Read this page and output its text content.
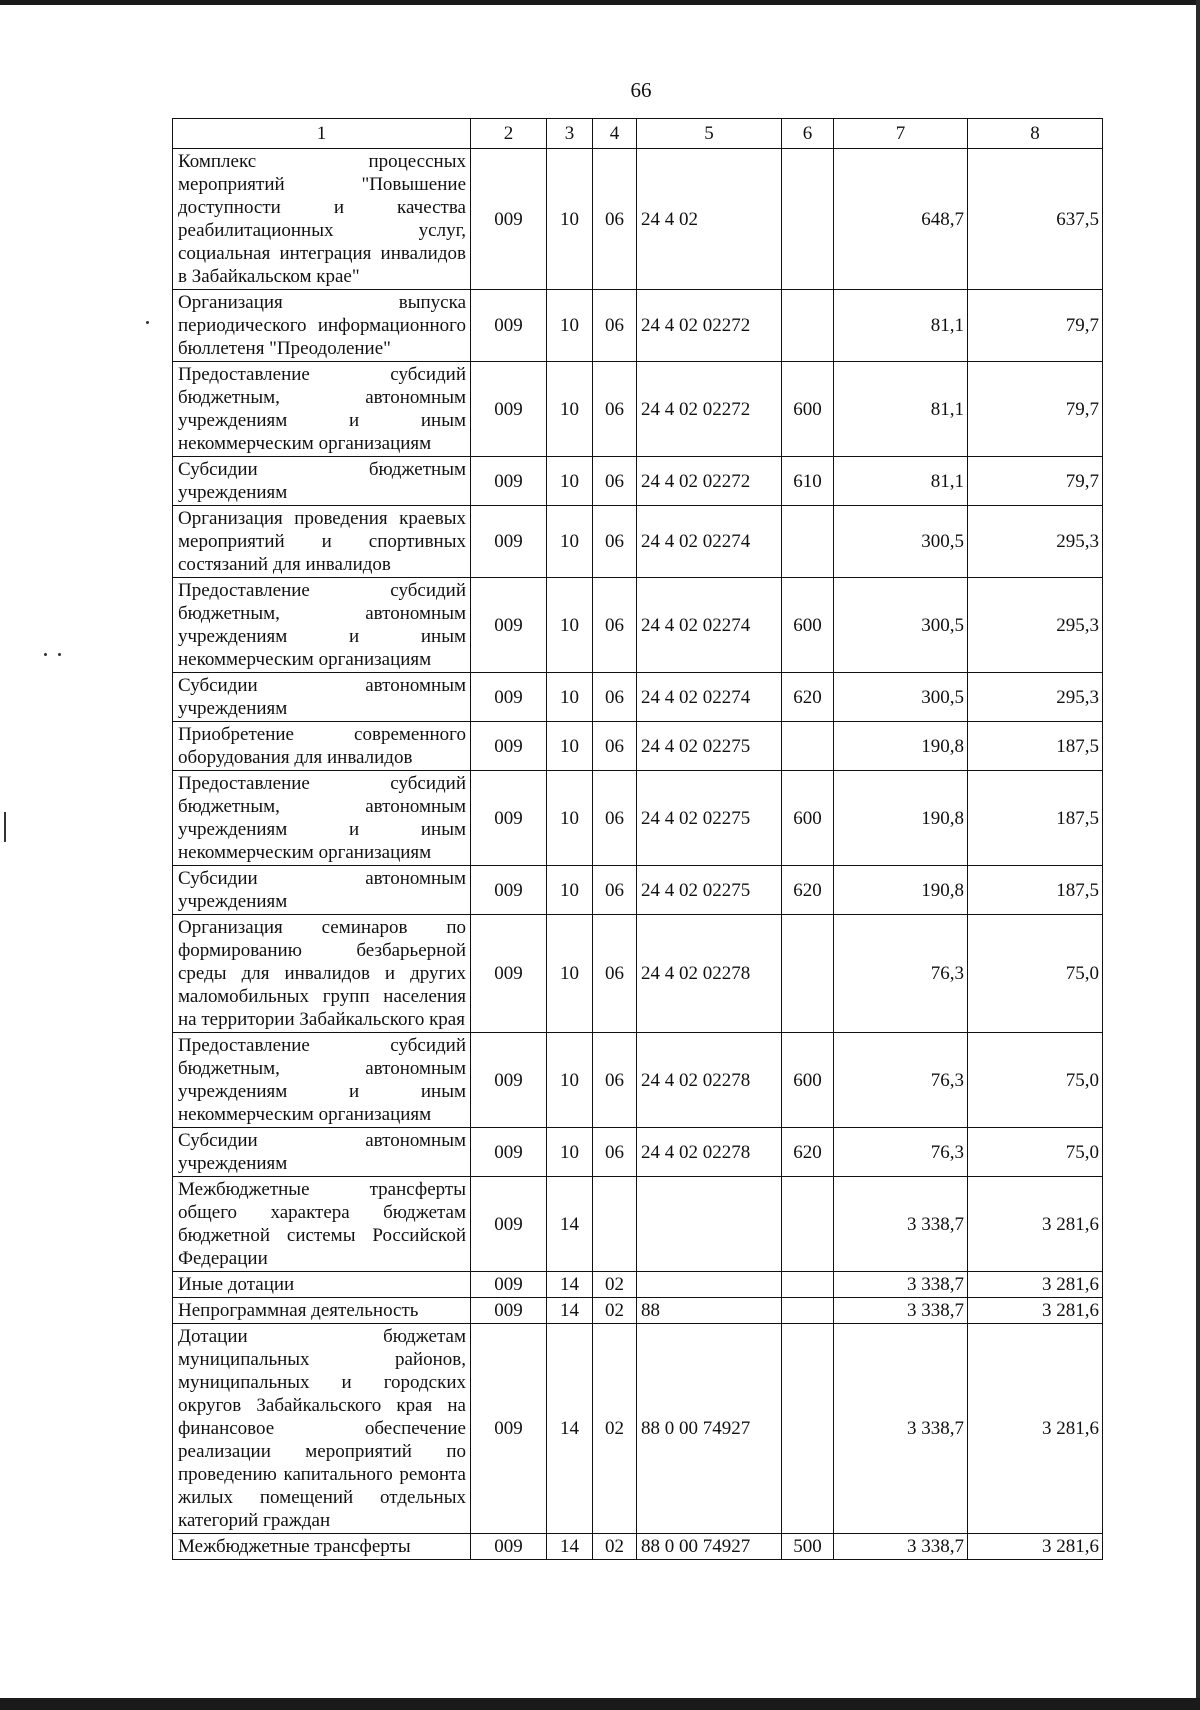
66
1	2	3	4	5	6	7	8
Комплекс процессных мероприятий "Повышение доступности и качества реабилитационных услуг, социальная интеграция инвалидов в Забайкальском крае"	009	10	06	24 4 02		648,7	637,5
Организация выпуска периодического информационного бюллетеня "Преодоление"	009	10	06	24 4 02 02272		81,1	79,7
Предоставление субсидий бюджетным, автономным учреждениям и иным некоммерческим организациям	009	10	06	24 4 02 02272	600	81,1	79,7
Субсидии бюджетным учреждениям	009	10	06	24 4 02 02272	610	81,1	79,7
Организация проведения краевых мероприятий и спортивных состязаний для инвалидов	009	10	06	24 4 02 02274		300,5	295,3
Предоставление субсидий бюджетным, автономным учреждениям и иным некоммерческим организациям	009	10	06	24 4 02 02274	600	300,5	295,3
Субсидии автономным учреждениям	009	10	06	24 4 02 02274	620	300,5	295,3
Приобретение современного оборудования для инвалидов	009	10	06	24 4 02 02275		190,8	187,5
Предоставление субсидий бюджетным, автономным учреждениям и иным некоммерческим организациям	009	10	06	24 4 02 02275	600	190,8	187,5
Субсидии автономным учреждениям	009	10	06	24 4 02 02275	620	190,8	187,5
Организация семинаров по формированию безбарьерной среды для инвалидов и других маломобильных групп населения на территории Забайкальского края	009	10	06	24 4 02 02278		76,3	75,0
Предоставление субсидий бюджетным, автономным учреждениям и иным некоммерческим организациям	009	10	06	24 4 02 02278	600	76,3	75,0
Субсидии автономным учреждениям	009	10	06	24 4 02 02278	620	76,3	75,0
Межбюджетные трансферты общего характера бюджетам бюджетной системы Российской Федерации	009	14				3 338,7	3 281,6
Иные дотации	009	14	02			3 338,7	3 281,6
Непрограммная деятельность	009	14	02	88		3 338,7	3 281,6
Дотации бюджетам муниципальных районов, муниципальных и городских округов Забайкальского края на финансовое обеспечение реализации мероприятий по проведению капитального ремонта жилых помещений отдельных категорий граждан	009	14	02	88 0 00 74927		3 338,7	3 281,6
Межбюджетные трансферты	009	14	02	88 0 00 74927	500	3 338,7	3 281,6
